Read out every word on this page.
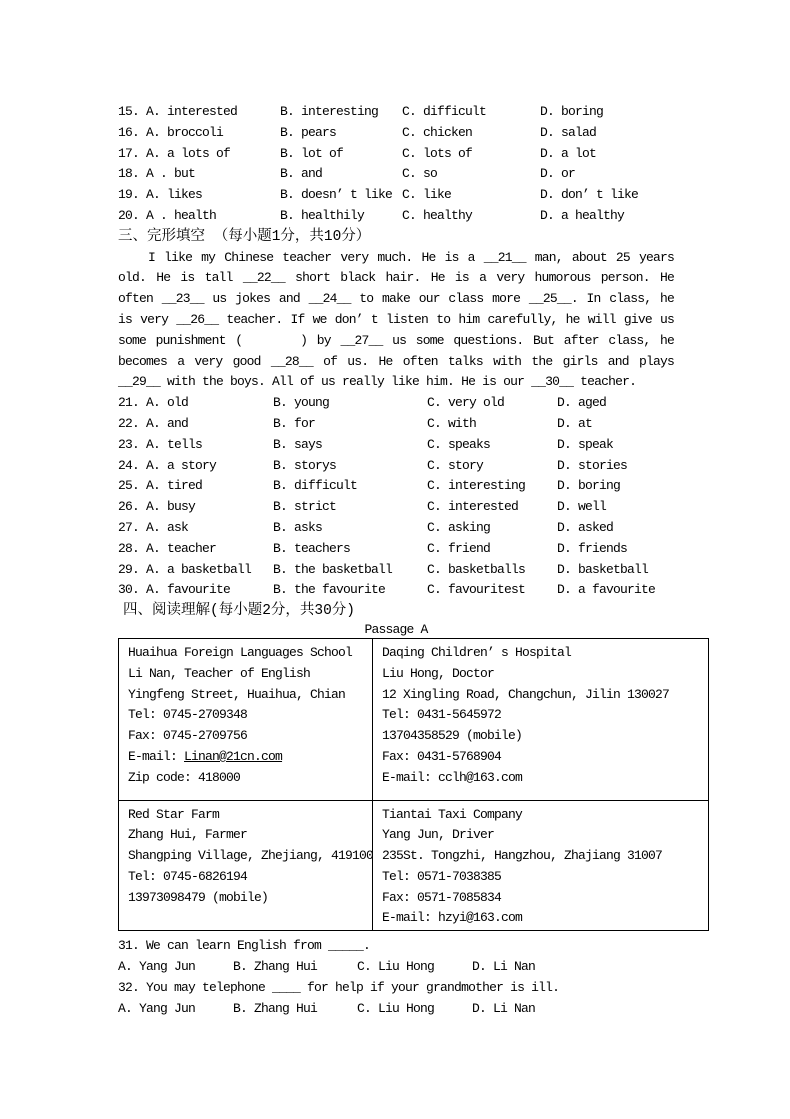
15. A. interested	B. interesting	C. difficult	D. boring
16. A. broccoli	B. pears	C. chicken	D. salad
17. A. a lots of	B. lot of	C. lots of	D. a lot
18. A . but	B. and	C. so	D. or
19. A. likes	B. doesn’ t like C. like	D. don’ t like
20. A . health	B. healthily	C. healthy	D. a healthy
三、完形填空 （每小题1分，共10分）
I like my Chinese teacher very much. He is a __21__ man, about 25 years
old. He is tall __22__ short black hair. He is a very humorous person. He
often __23__ us jokes and __24__ to make our class more __25__. In class, he
is very __26__ teacher. If we don’ t listen to him carefully, he will give us
some punishment (      ) by __27__ us some questions. But after class, he
becomes a very good __28__ of us. He often talks with the girls and plays
__29__ with the boys. All of us really like him. He is our __30__ teacher.
21. A. old	B. young	C. very old	D. aged
22. A. and	B. for	C. with	D. at
23. A. tells	B. says	C. speaks	D. speak
24. A. a story	B. storys	C. story	D. stories
25. A. tired	B. difficult	C. interesting	D. boring
26. A. busy	B. strict	C. interested	D. well
27. A. ask	B. asks	C. asking	D. asked
28. A. teacher	B. teachers	C. friend	D. friends
29. A. a basketball	B. the basketball	C. basketballs	D. basketball
30. A. favourite	B. the favourite	C. favouritest	D. a favourite
四、阅读理解(每小题2分，共30分)
Passage A
Huaihua Foreign Languages School
Li Nan, Teacher of English
Yingfeng Street, Huaihua, Chian
Tel: 0745-2709348
Fax: 0745-2709756
E-mail: Linan@21cn.com
Zip code: 418000

Daqing Children’ s Hospital
Liu Hong, Doctor
12 Xingling Road, Changchun, Jilin 130027
Tel: 0431-5645972
13704358529 (mobile)
Fax: 0431-5768904
E-mail: cclh@163.com

Red Star Farm
Zhang Hui, Farmer
Shangping Village, Zhejiang, 419100
Tel: 0745-6826194
13973098479 (mobile)

Tiantai Taxi Company
Yang Jun, Driver
235St. Tongzhi, Hangzhou, Zhajiang 31007
Tel: 0571-7038385
Fax: 0571-7085834
E-mail: hzyi@163.com
31. We can learn English from _____.
A. Yang Jun	B. Zhang Hui	C. Liu Hong	D. Li Nan
32. You may telephone ____ for help if your grandmother is ill.
A. Yang Jun	B. Zhang Hui	C. Liu Hong	D. Li Nan
